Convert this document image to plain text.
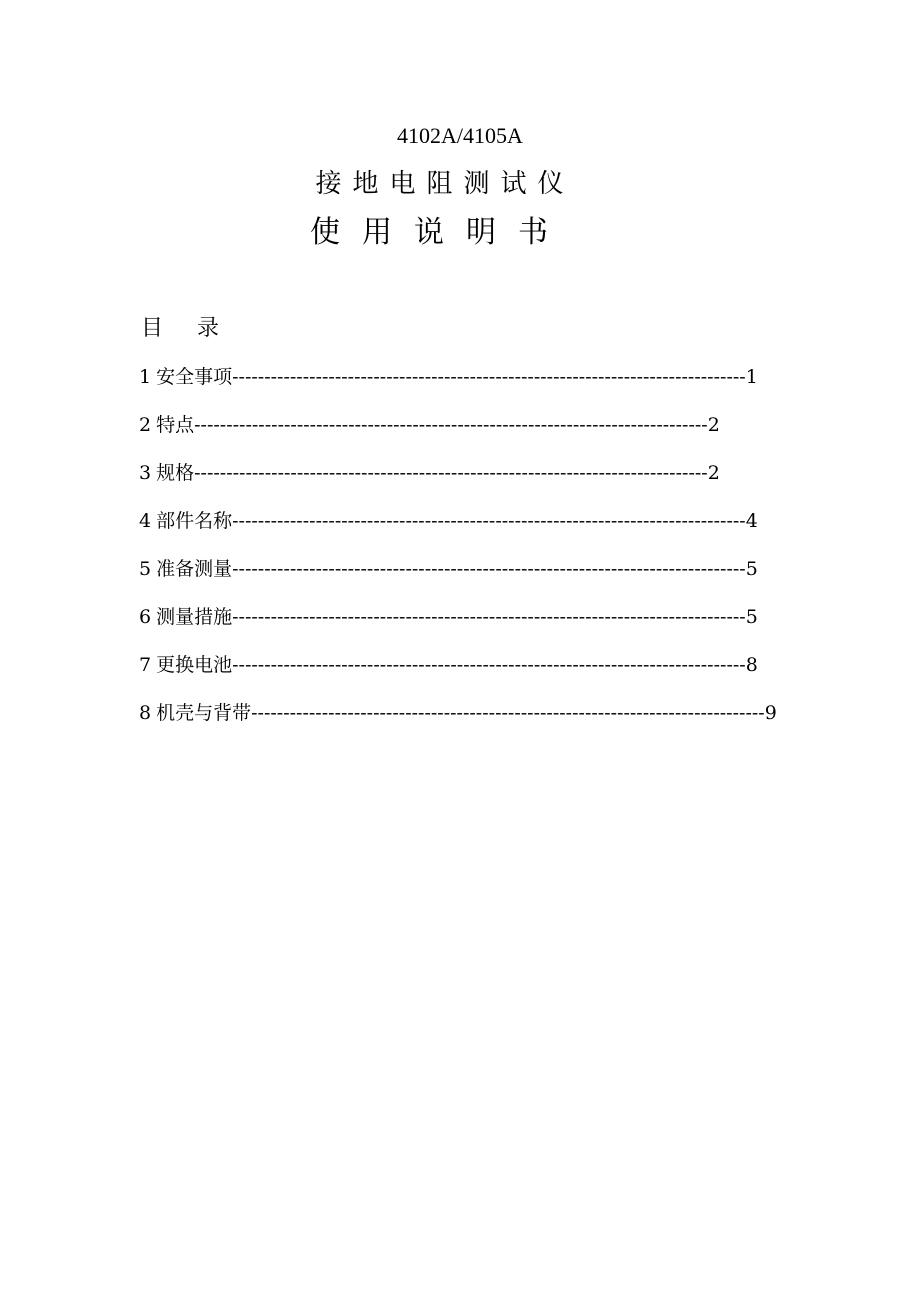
4102A/4105A
接地电阻测试仪
使用说明书
目录
1 安全事项 -------------------------------------------------------------------------------- 1
2 特点 -------------------------------------------------------------------------------- 2
3 规格 -------------------------------------------------------------------------------- 2
4 部件名称 -------------------------------------------------------------------------------- 4
5 准备测量 -------------------------------------------------------------------------------- 5
6 测量措施 -------------------------------------------------------------------------------- 5
7 更换电池 -------------------------------------------------------------------------------- 8
8 机壳与背带 -------------------------------------------------------------------------------- 9
